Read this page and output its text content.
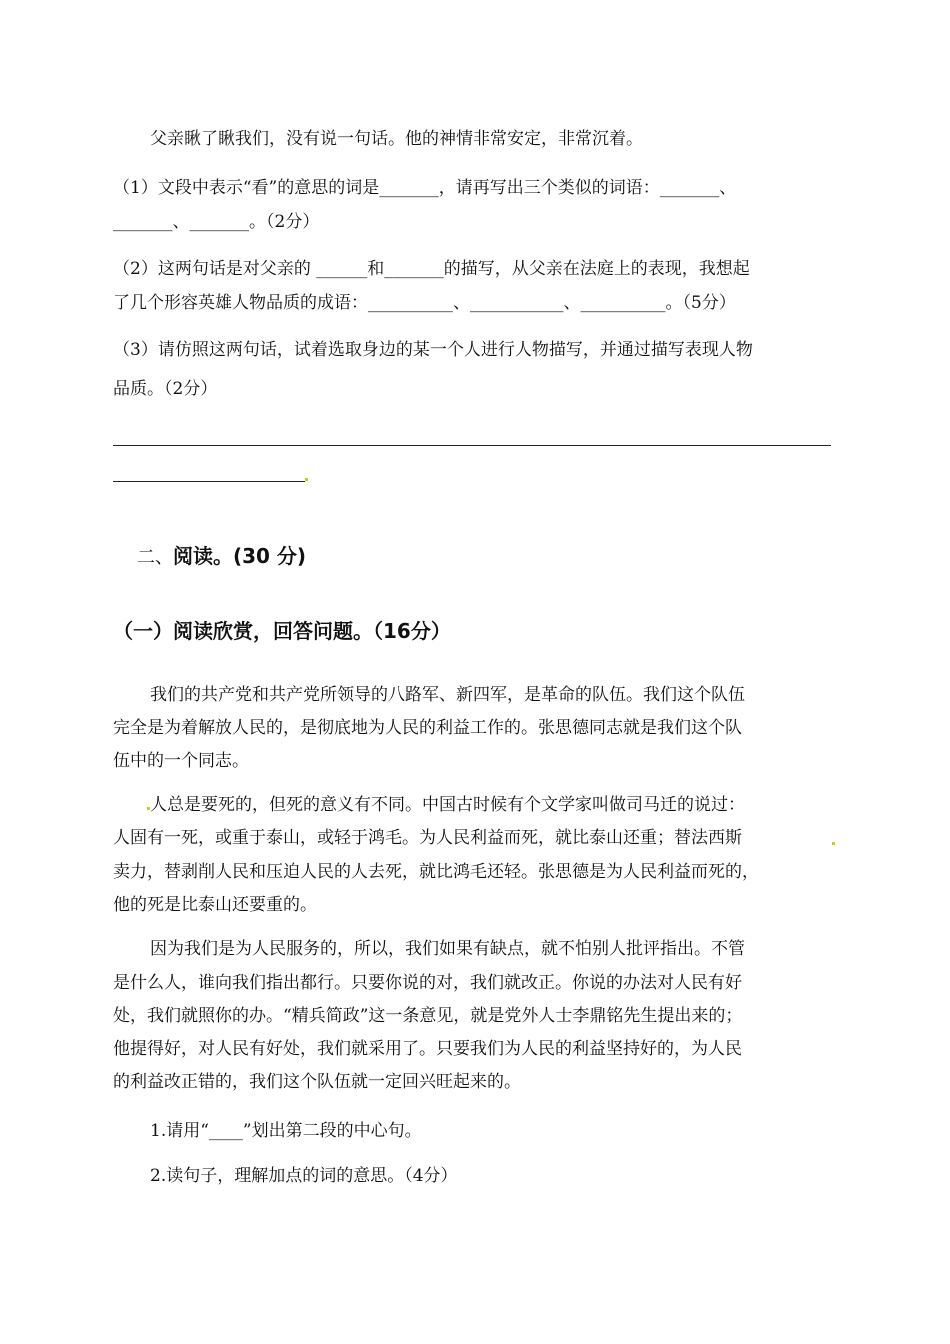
父亲瞅了瞅我们，没有说一句话。他的神情非常安定，非常沉着。
（1）文段中表示“看”的意思的词是_______，请再写出三个类似的词语：_______、
_______、_______。（2分）
（2）这两句话是对父亲的 ______和_______的描写，从父亲在法庭上的表现，我想起
了几个形容英雄人物品质的成语：__________、___________、__________。（5分）
（3）请仿照这两句话，试着选取身边的某一个人进行人物描写，并通过描写表现人物
品质。（2分）
二、阅读。(30 分)
（一）阅读欣赏，回答问题。（16分）
我们的共产党和共产党所领导的八路军、新四军，是革命的队伍。我们这个队伍
完全是为着解放人民的，是彻底地为人民的利益工作的。张思德同志就是我们这个队
伍中的一个同志。
人总是要死的，但死的意义有不同。中国古时候有个文学家叫做司马迁的说过：
人固有一死，或重于泰山，或轻于鸿毛。为人民利益而死，就比泰山还重；替法西斯
卖力，替剥削人民和压迫人民的人去死，就比鸿毛还轻。张思德是为人民利益而死的，
他的死是比泰山还要重的。
因为我们是为人民服务的，所以，我们如果有缺点，就不怕别人批评指出。不管
是什么人，谁向我们指出都行。只要你说的对，我们就改正。你说的办法对人民有好
处，我们就照你的办。“精兵简政”这一条意见，就是党外人士李鼎铭先生提出来的；
他提得好，对人民有好处，我们就采用了。只要我们为人民的利益坚持好的，为人民
的利益改正错的，我们这个队伍就一定回兴旺起来的。
1.请用“____”划出第二段的中心句。
2.读句子，理解加点的词的意思。（4分）
